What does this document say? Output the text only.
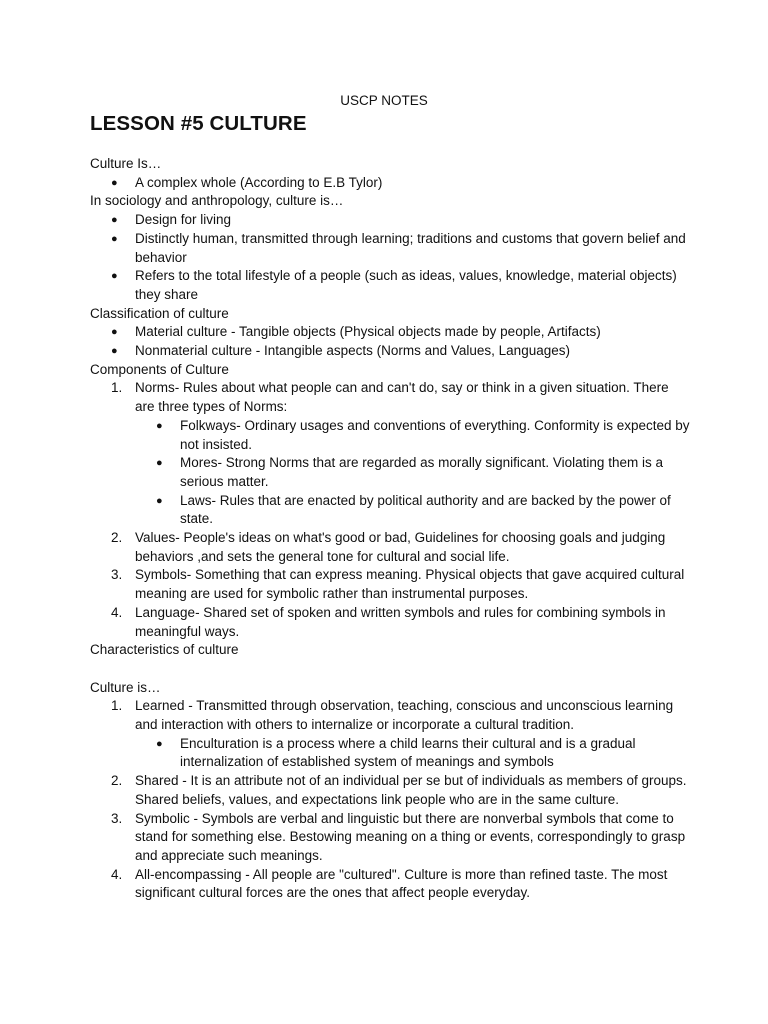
USCP NOTES
LESSON #5 CULTURE

Culture Is…

●	A complex whole (According to E.B Tylor)

In sociology and anthropology, culture is…

●	Design for living
●	Distinctly human, transmitted through learning; traditions and customs that govern belief and behavior
●	Refers to the total lifestyle of a people (such as ideas, values, knowledge, material objects) they share

Classification of culture

●	Material culture - Tangible objects (Physical objects made by people, Artifacts)
●	Nonmaterial culture - Intangible aspects (Norms and Values, Languages)

Components of Culture

1. Norms- Rules about what people can and can't do, say or think in a given situation. There are three types of Norms:
●	Folkways- Ordinary usages and conventions of everything. Conformity is expected by not insisted.
●	Mores- Strong Norms that are regarded as morally significant. Violating them is a serious matter.
●	Laws- Rules that are enacted by political authority and are backed by the power of state.
2. Values- People's ideas on what's good or bad, Guidelines for choosing goals and judging behaviors ,and sets the general tone for cultural and social life.
3. Symbols- Something that can express meaning. Physical objects that gave acquired cultural meaning are used for symbolic rather than instrumental purposes.
4. Language- Shared set of spoken and written symbols and rules for combining symbols in meaningful ways.

Characteristics of culture

Culture is…

1. Learned - Transmitted through observation, teaching, conscious and unconscious learning and interaction with others to internalize or incorporate a cultural tradition.
●	Enculturation is a process where a child learns their cultural and is a gradual internalization of established system of meanings and symbols
2. Shared - It is an attribute not of an individual per se but of individuals as members of groups. Shared beliefs, values, and expectations link people who are in the same culture.
3. Symbolic - Symbols are verbal and linguistic but there are nonverbal symbols that come to stand for something else. Bestowing meaning on a thing or events, correspondingly to grasp and appreciate such meanings.
4. All-encompassing - All people are "cultured". Culture is more than refined taste. The most significant cultural forces are the ones that affect people everyday.
